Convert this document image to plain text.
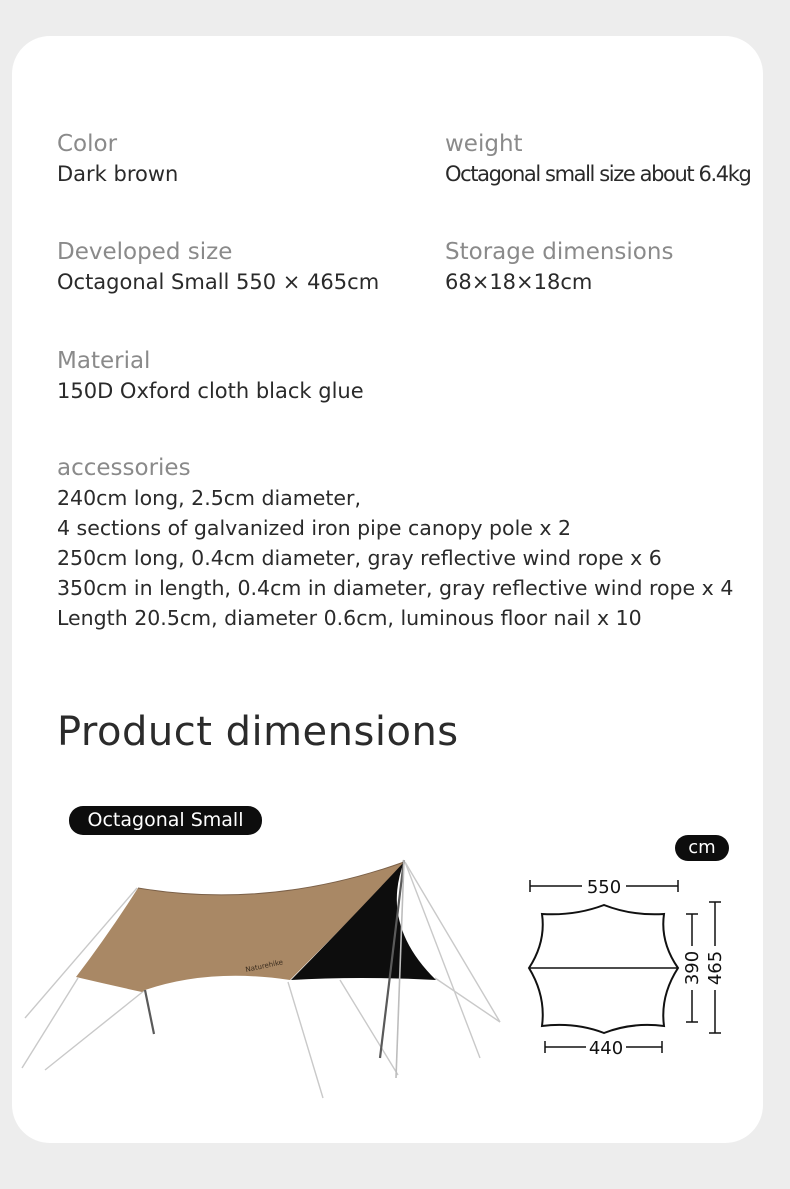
Color
Dark brown
weight
Octagonal small size about 6.4kg
Developed size
Octagonal Small 550 × 465cm
Storage dimensions
68×18×18cm
Material
150D Oxford cloth black glue
accessories
240cm long, 2.5cm diameter,
4 sections of galvanized iron pipe canopy pole x 2
250cm long, 0.4cm diameter, gray reflective wind rope x 6
350cm in length, 0.4cm in diameter, gray reflective wind rope x 4
Length 20.5cm, diameter 0.6cm, luminous floor nail x 10
Product dimensions
Octagonal Small
cm
Naturehike
550
440
390 465
